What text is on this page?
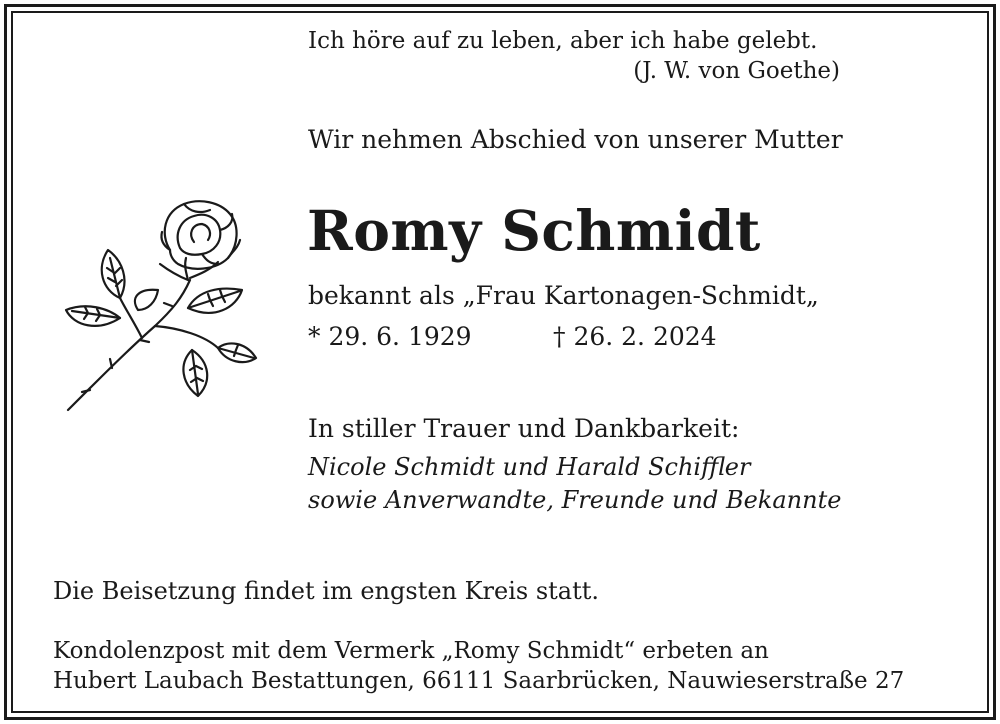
Ich höre auf zu leben, aber ich habe gelebt.

(J. W. von Goethe)

Wir nehmen Abschied von unserer Mutter

Romy Schmidt

bekannt als „Frau Kartonagen-Schmidt„

* 29. 6. 1929	† 26. 2. 2024

In stiller Trauer und Dankbarkeit:

Nicole Schmidt und Harald Schiffler

sowie Anverwandte, Freunde und Bekannte

Die Beisetzung findet im engsten Kreis statt.

Kondolenzpost mit dem Vermerk „Romy Schmidt“ erbeten an

Hubert Laubach Bestattungen, 66111 Saarbrücken, Nauwieserstraße 27
